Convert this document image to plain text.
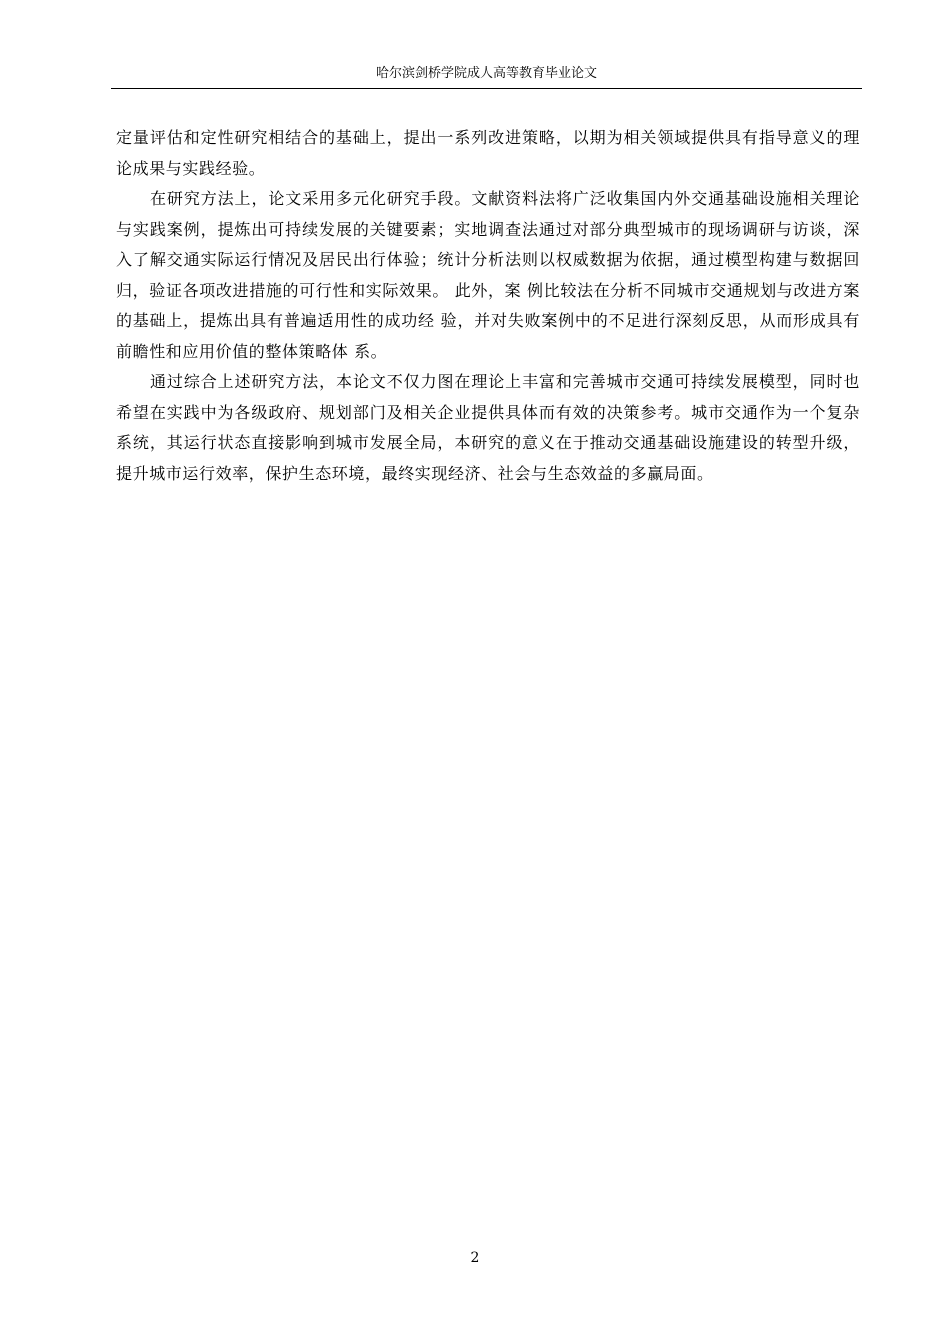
哈尔滨剑桥学院成人高等教育毕业论文

定量评估和定性研究相结合的基础上，提出一系列改进策略，以期为相关领域提供具有指导意义的理论成果与实践经验。

在研究方法上，论文采用多元化研究手段。文献资料法将广泛收集国内外交通基础设施相关理论与实践案例，提炼出可持续发展的关键要素；实地调查法通过对部分典型城市的现场调研与访谈，深入了解交通实际运行情况及居民出行体验；统计分析法则以权威数据为依据，通过模型构建与数据回归，验证各项改进措施的可行性和实际效果。 此外，案 例比较法在分析不同城市交通规划与改进方案的基础上，提炼出具有普遍适用性的成功经 验，并对失败案例中的不足进行深刻反思，从而形成具有前瞻性和应用价值的整体策略体 系。

通过综合上述研究方法，本论文不仅力图在理论上丰富和完善城市交通可持续发展模型，同时也希望在实践中为各级政府、规划部门及相关企业提供具体而有效的决策参考。城市交通作为一个复杂系统，其运行状态直接影响到城市发展全局，本研究的意义在于推动交通基础设施建设的转型升级，提升城市运行效率，保护生态环境，最终实现经济、社会与生态效益的多赢局面。

2
